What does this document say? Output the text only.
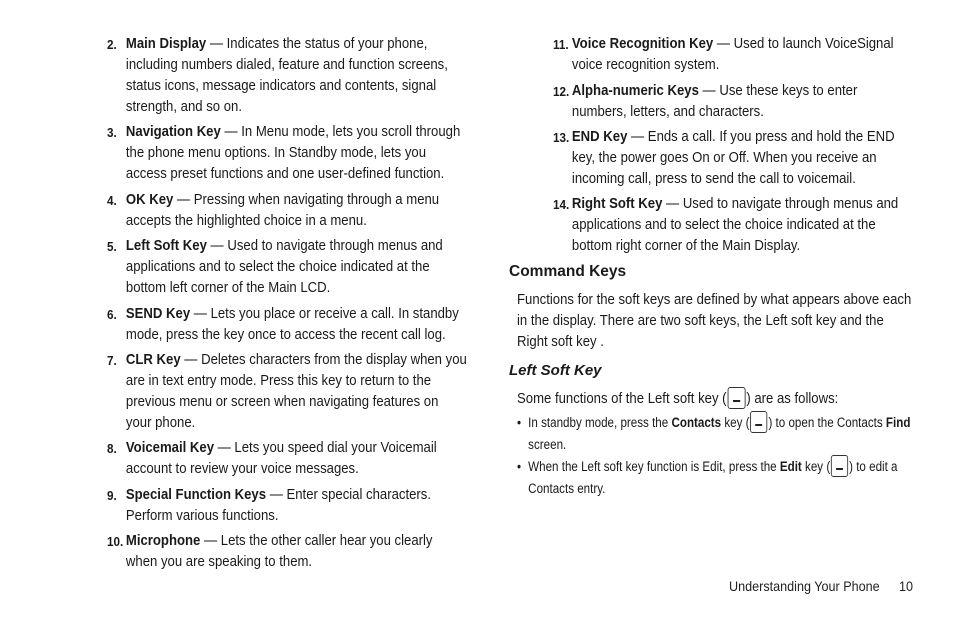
2. Main Display — Indicates the status of your phone, including numbers dialed, feature and function screens, status icons, message indicators and contents, signal strength, and so on.
3. Navigation Key — In Menu mode, lets you scroll through the phone menu options. In Standby mode, lets you access preset functions and one user-defined function.
4. OK Key — Pressing when navigating through a menu accepts the highlighted choice in a menu.
5. Left Soft Key — Used to navigate through menus and applications and to select the choice indicated at the bottom left corner of the Main LCD.
6. SEND Key — Lets you place or receive a call. In standby mode, press the key once to access the recent call log.
7. CLR Key — Deletes characters from the display when you are in text entry mode. Press this key to return to the previous menu or screen when navigating features on your phone.
8. Voicemail Key — Lets you speed dial your Voicemail account to review your voice messages.
9. Special Function Keys — Enter special characters. Perform various functions.
10. Microphone — Lets the other caller hear you clearly when you are speaking to them.
11. Voice Recognition Key — Used to launch VoiceSignal voice recognition system.
12. Alpha-numeric Keys — Use these keys to enter numbers, letters, and characters.
13. END Key — Ends a call. If you press and hold the END key, the power goes On or Off. When you receive an incoming call, press to send the call to voicemail.
14. Right Soft Key — Used to navigate through menus and applications and to select the choice indicated at the bottom right corner of the Main Display.
Command Keys
Functions for the soft keys are defined by what appears above each in the display. There are two soft keys, the Left soft key and the Right soft key .
Left Soft Key
Some functions of the Left soft key ( ) are as follows:
• In standby mode, press the Contacts key ( ) to open the Contacts Find screen.
• When the Left soft key function is Edit, press the Edit key ( ) to edit a Contacts entry.
Understanding Your Phone 10
